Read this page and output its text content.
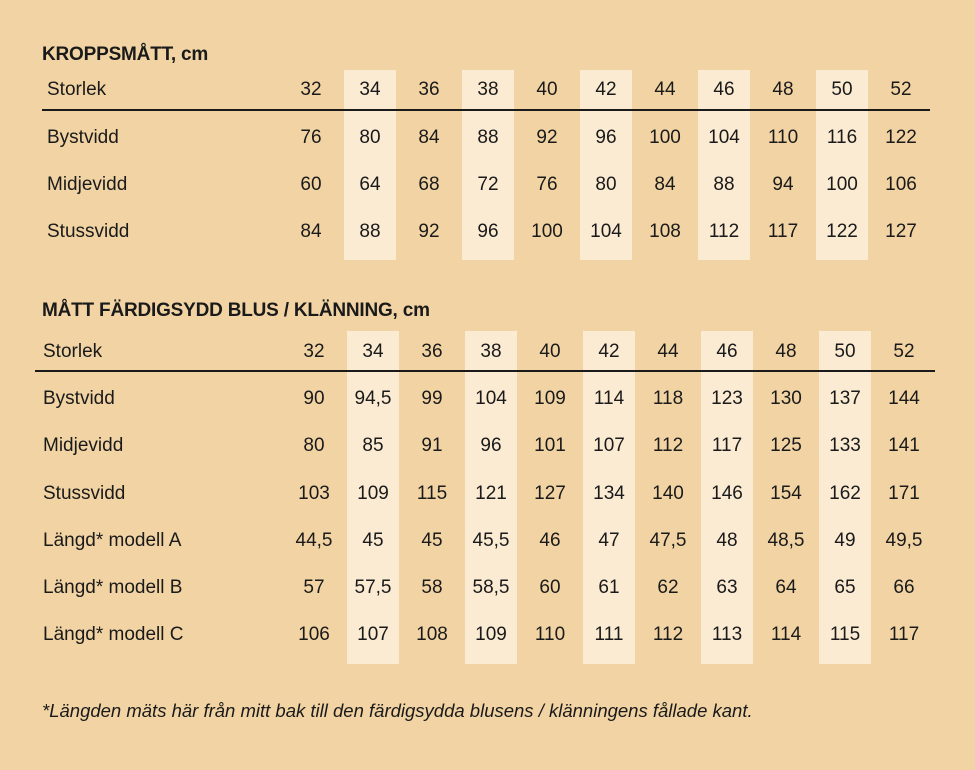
KROPPSMÅTT, cm
Storlek	32	34	36	38	40	42	44	46	48	50	52
Bystvidd	76	80	84	88	92	96	100	104	110	116	122
Midjevidd	60	64	68	72	76	80	84	88	94	100	106
Stussvidd	84	88	92	96	100	104	108	112	117	122	127
MÅTT FÄRDIGSYDD BLUS / KLÄNNING, cm
Storlek	32	34	36	38	40	42	44	46	48	50	52
Bystvidd	90	94,5	99	104	109	114	118	123	130	137	144
Midjevidd	80	85	91	96	101	107	112	117	125	133	141
Stussvidd	103	109	115	121	127	134	140	146	154	162	171
Längd* modell A	44,5	45	45	45,5	46	47	47,5	48	48,5	49	49,5
Längd* modell B	57	57,5	58	58,5	60	61	62	63	64	65	66
Längd* modell C	106	107	108	109	110	111	112	113	114	115	117
*Längden mäts här från mitt bak till den färdigsydda blusens / klänningens fållade kant.
